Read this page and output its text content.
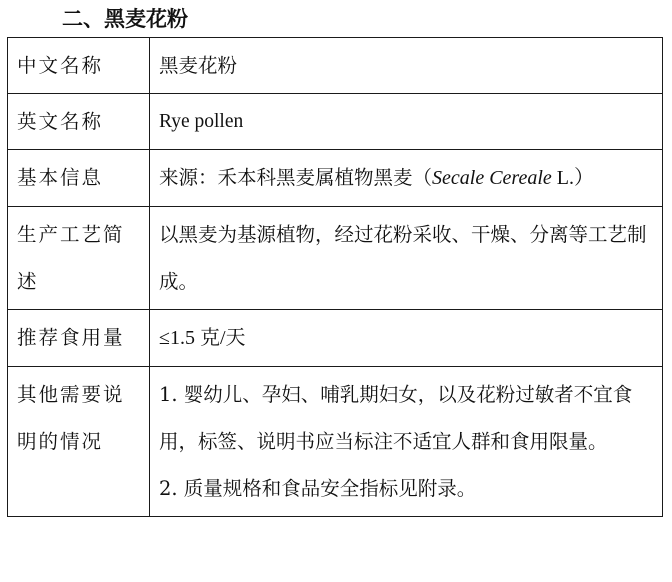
二、黑麦花粉
中文名称	黑麦花粉
英文名称	Rye pollen
基本信息	来源：禾本科黑麦属植物黑麦（Secale Cereale L.）
生产工艺简述	以黑麦为基源植物，经过花粉采收、干燥、分离等工艺制成。
推荐食用量	≤1.5 克/天
其他需要说明的情况	1. 婴幼儿、孕妇、哺乳期妇女，以及花粉过敏者不宜食用，标签、说明书应当标注不适宜人群和食用限量。
2. 质量规格和食品安全指标见附录。
